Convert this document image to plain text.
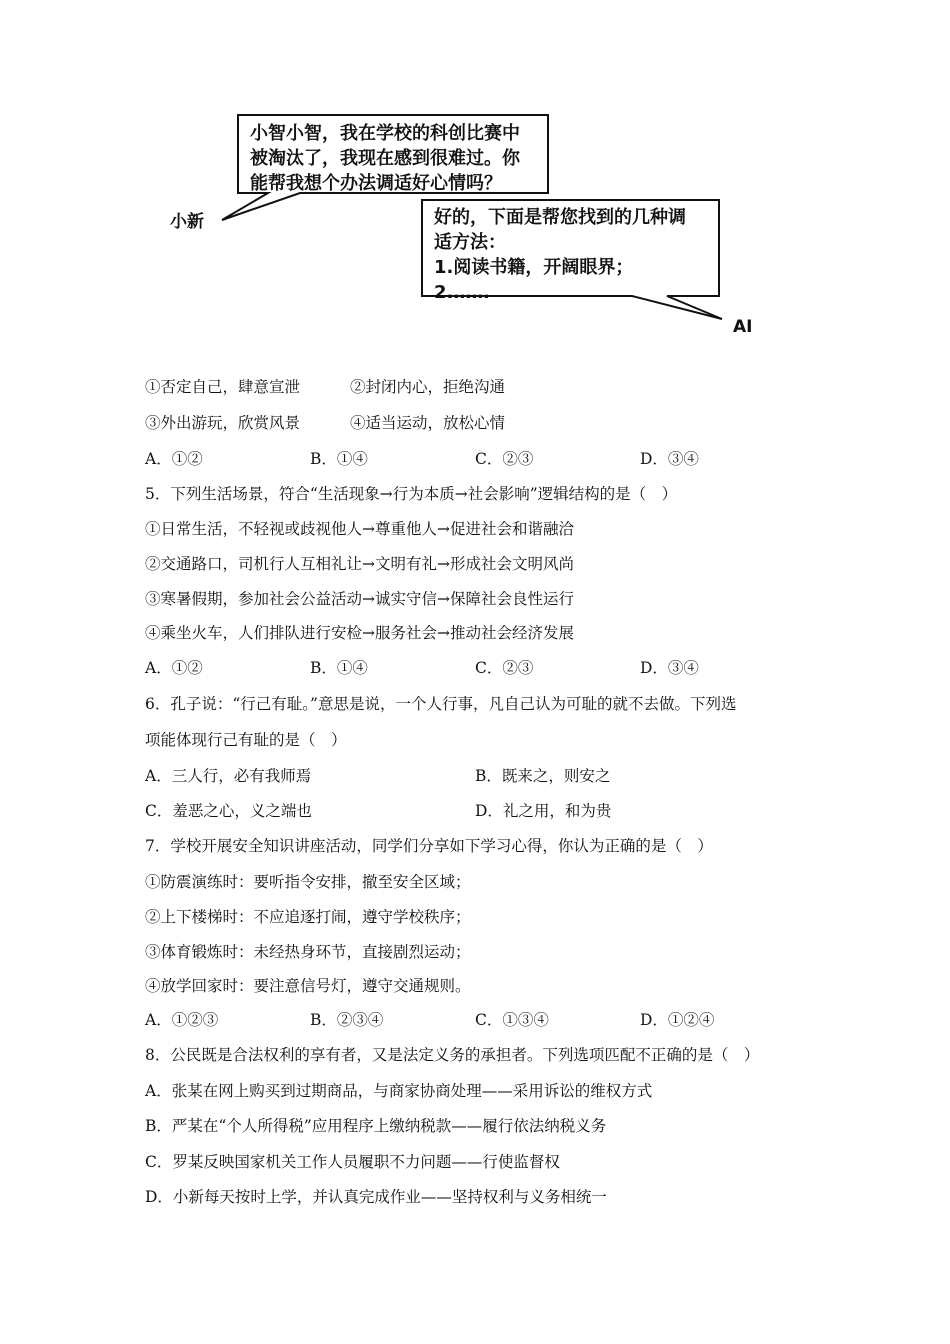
小智小智，我在学校的科创比赛中
被淘汰了，我现在感到很难过。你
能帮我想个办法调适好心情吗？
小新	好的，下面是帮您找到的几种调
适方法：
1.阅读书籍，开阔眼界；
2.……
AI
①否定自己，肆意宣泄	②封闭内心，拒绝沟通
③外出游玩，欣赏风景	④适当运动，放松心情
A．①②	B．①④	C．②③	D．③④
5．下列生活场景，符合“生活现象→行为本质→社会影响”逻辑结构的是（　）
①日常生活，不轻视或歧视他人→尊重他人→促进社会和谐融洽
②交通路口，司机行人互相礼让→文明有礼→形成社会文明风尚
③寒暑假期，参加社会公益活动→诚实守信→保障社会良性运行
④乘坐火车，人们排队进行安检→服务社会→推动社会经济发展
A．①②	B．①④	C．②③	D．③④
6．孔子说：“行己有耻。”意思是说，一个人行事，凡自己认为可耻的就不去做。下列选
项能体现行己有耻的是（　）
A．三人行，必有我师焉	B．既来之，则安之
C．羞恶之心，义之端也	D．礼之用，和为贵
7．学校开展安全知识讲座活动，同学们分享如下学习心得，你认为正确的是（　）
①防震演练时：要听指令安排，撤至安全区域；
②上下楼梯时：不应追逐打闹，遵守学校秩序；
③体育锻炼时：未经热身环节，直接剧烈运动；
④放学回家时：要注意信号灯，遵守交通规则。
A．①②③	B．②③④	C．①③④	D．①②④
8．公民既是合法权利的享有者，又是法定义务的承担者。下列选项匹配不正确的是（　）
A．张某在网上购买到过期商品，与商家协商处理——采用诉讼的维权方式
B．严某在“个人所得税”应用程序上缴纳税款——履行依法纳税义务
C．罗某反映国家机关工作人员履职不力问题——行使监督权
D．小新每天按时上学，并认真完成作业——坚持权利与义务相统一
